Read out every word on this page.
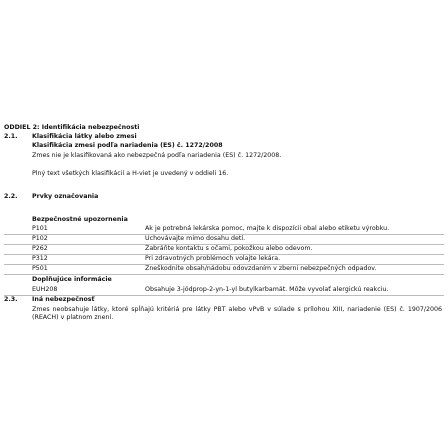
ODDIEL 2: Identifikácia nebezpečnosti
2.1. Klasifikácia látky alebo zmesi
Klasifikácia zmesi podľa nariadenia (ES) č. 1272/2008
Zmes nie je klasifikovaná ako nebezpečná podľa nariadenia (ES) č. 1272/2008.
Plný text všetkých klasifikácií a H-viet je uvedený v oddieli 16.
2.2. Prvky označovania
Bezpečnostné upozornenia
P101	Ak je potrebná lekárska pomoc, majte k dispozícii obal alebo etiketu výrobku.
P102	Uchovávajte mimo dosahu detí.
P262	Zabráňte kontaktu s očami, pokožkou alebo odevom.
P312	Pri zdravotných problémoch volajte lekára.
P501	Zneškodnite obsah/nádobu odovzdaním v zberni nebezpečných odpadov.
Doplňujúce informácie
EUH208	Obsahuje 3-jódprop-2-yn-1-yl butylkarbamát. Môže vyvolať alergickú reakciu.
2.3. Iná nebezpečnosť
Zmes neobsahuje látky, ktoré spĺňajú kritériá pre látky PBT alebo vPvB v súlade s prílohou XIII, nariadenie (ES) č. 1907/2006 (REACH) v platnom znení.
